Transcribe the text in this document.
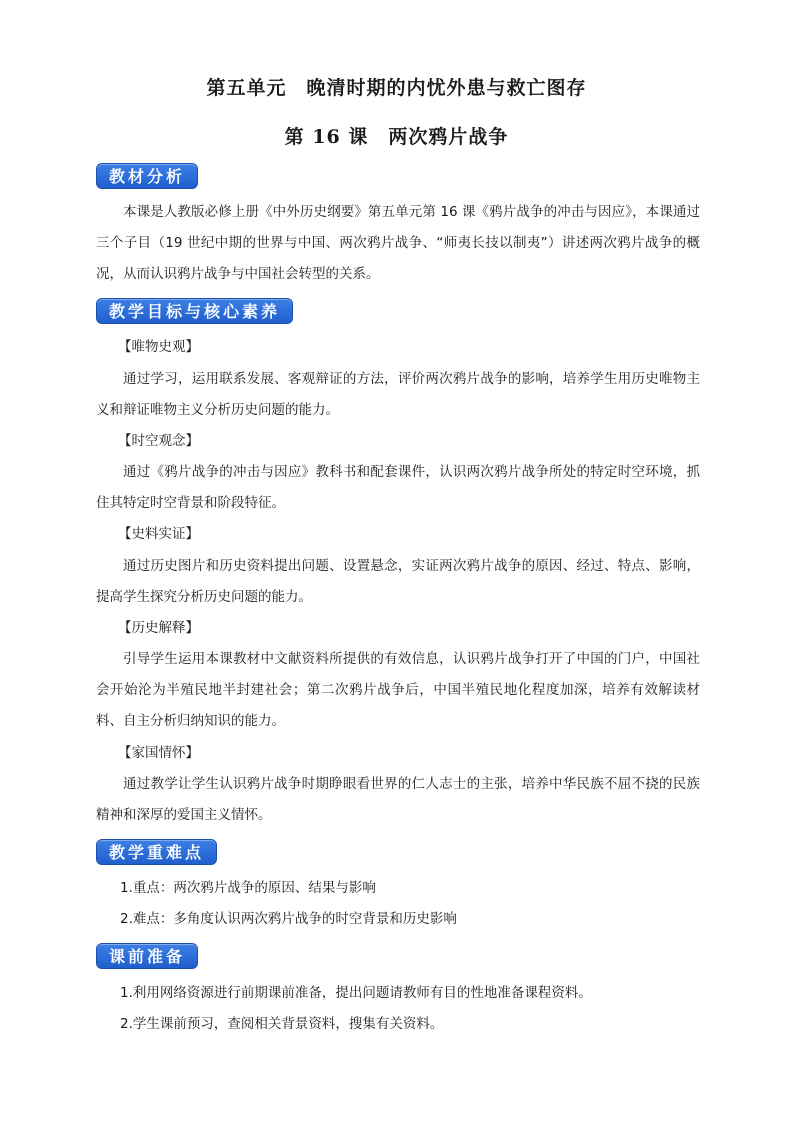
第五单元　晚清时期的内忧外患与救亡图存
第 16 课　两次鸦片战争
教材分析

本课是人教版必修上册《中外历史纲要》第五单元第 16 课《鸦片战争的冲击与因应》，本课通过三个子目（19 世纪中期的世界与中国、两次鸦片战争、“师夷长技以制夷”）讲述两次鸦片战争的概况，从而认识鸦片战争与中国社会转型的关系。

教学目标与核心素养

【唯物史观】

通过学习，运用联系发展、客观辩证的方法，评价两次鸦片战争的影响，培养学生用历史唯物主义和辩证唯物主义分析历史问题的能力。

【时空观念】

通过《鸦片战争的冲击与因应》教科书和配套课件，认识两次鸦片战争所处的特定时空环境，抓住其特定时空背景和阶段特征。

【史料实证】

通过历史图片和历史资料提出问题、设置悬念，实证两次鸦片战争的原因、经过、特点、影响，提高学生探究分析历史问题的能力。

【历史解释】

引导学生运用本课教材中文献资料所提供的有效信息，认识鸦片战争打开了中国的门户，中国社会开始沦为半殖民地半封建社会；第二次鸦片战争后，中国半殖民地化程度加深，培养有效解读材料、自主分析归纳知识的能力。

【家国情怀】

通过教学让学生认识鸦片战争时期睁眼看世界的仁人志士的主张，培养中华民族不屈不挠的民族精神和深厚的爱国主义情怀。

教学重难点

1.重点：两次鸦片战争的原因、结果与影响

2.难点：多角度认识两次鸦片战争的时空背景和历史影响

课前准备

1.利用网络资源进行前期课前准备，提出问题请教师有目的性地准备课程资料。

2.学生课前预习，查阅相关背景资料，搜集有关资料。
